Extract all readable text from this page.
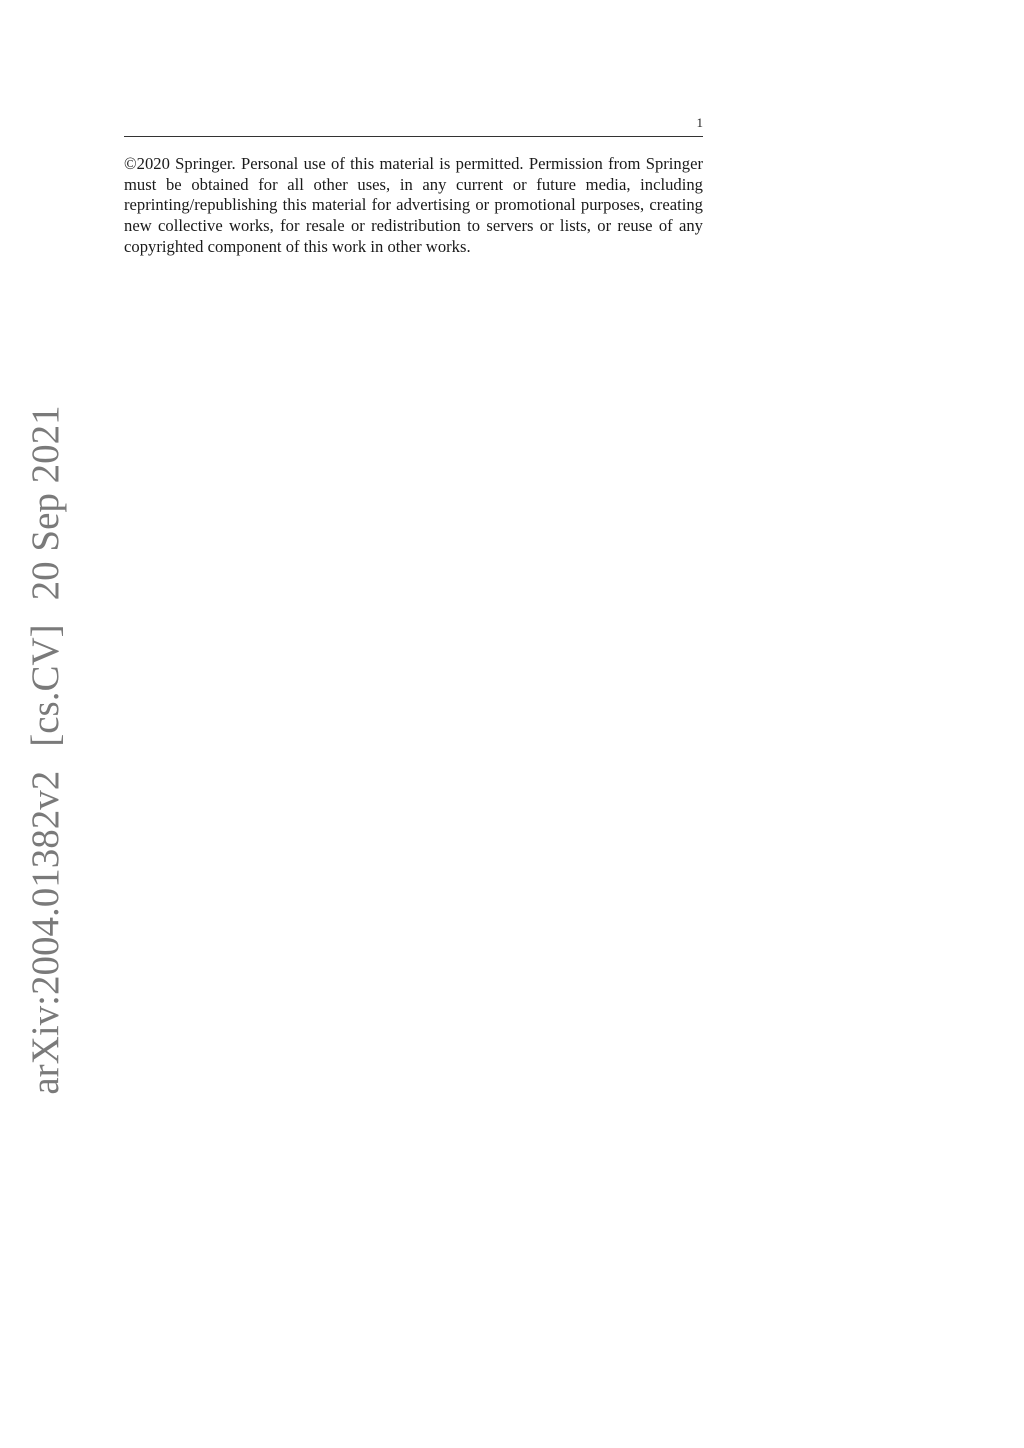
1

©2020 Springer. Personal use of this material is permitted. Permission from Springer must be obtained for all other uses, in any current or future media, including reprinting/republishing this material for advertising or promotional purposes, creating new collective works, for resale or redistribution to servers or lists, or reuse of any copyrighted component of this work in other works.

arXiv:2004.01382v2[cs.CV]20 Sep 2021
